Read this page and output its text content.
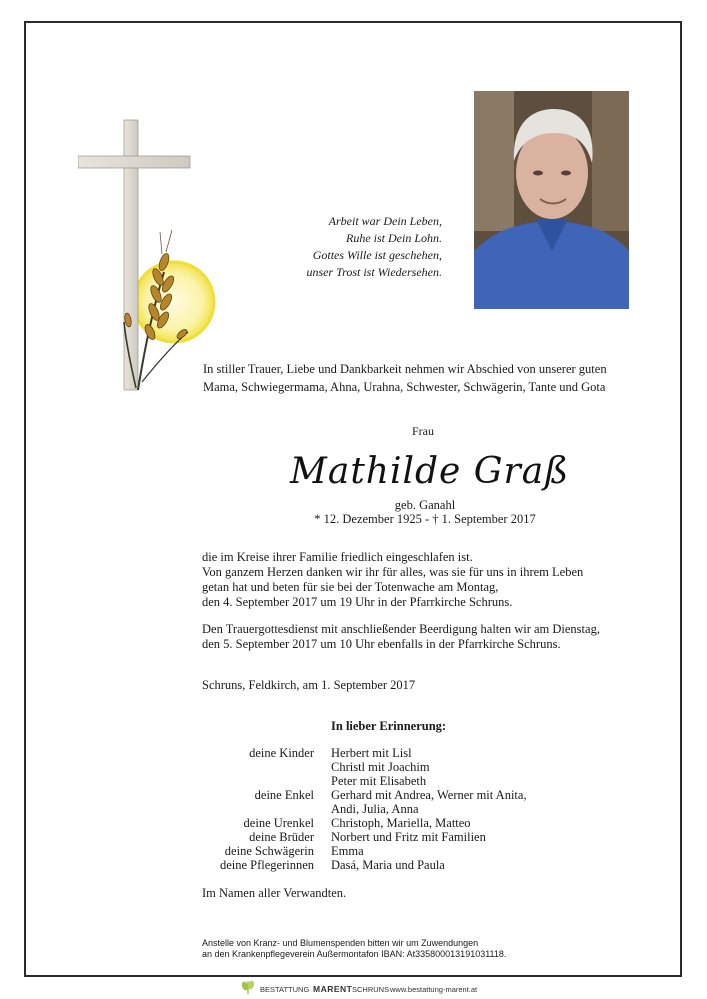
Arbeit war Dein Leben,
Ruhe ist Dein Lohn.
Gottes Wille ist geschehen,
unser Trost ist Wiedersehen.
In stiller Trauer, Liebe und Dankbarkeit nehmen wir Abschied von unserer guten
Mama, Schwiegermama, Ahna, Urahna, Schwester, Schwägerin, Tante und Gota
Frau
Mathilde Graß
geb. Ganahl
* 12. Dezember 1925 - † 1. September 2017
die im Kreise ihrer Familie friedlich eingeschlafen ist.
Von ganzem Herzen danken wir ihr für alles, was sie für uns in ihrem Leben
getan hat und beten für sie bei der Totenwache am Montag,
den 4. September 2017 um 19 Uhr in der Pfarrkirche Schruns.
Den Trauergottesdienst mit anschließender Beerdigung halten wir am Dienstag,
den 5. September 2017 um 10 Uhr ebenfalls in der Pfarrkirche Schruns.
Schruns, Feldkirch, am 1. September 2017
In lieber Erinnerung:
deine Kinder

deine Enkel

deine Urenkel
deine Brüder
deine Schwägerin
deine Pflegerinnen
Herbert mit Lisl
Christl mit Joachim
Peter mit Elisabeth
Gerhard mit Andrea, Werner mit Anita,
Andi, Julia, Anna
Christoph, Mariella, Matteo
Norbert und Fritz mit Familien
Emma
Dasá, Maria und Paula
Im Namen aller Verwandten.
Anstelle von Kranz- und Blumenspenden bitten wir um Zuwendungen
an den Krankenpflegeverein Außermontafon IBAN: At335800013191031118.
BESTATTUNG MARENT SCHRUNS www.bestattung-marent.at
